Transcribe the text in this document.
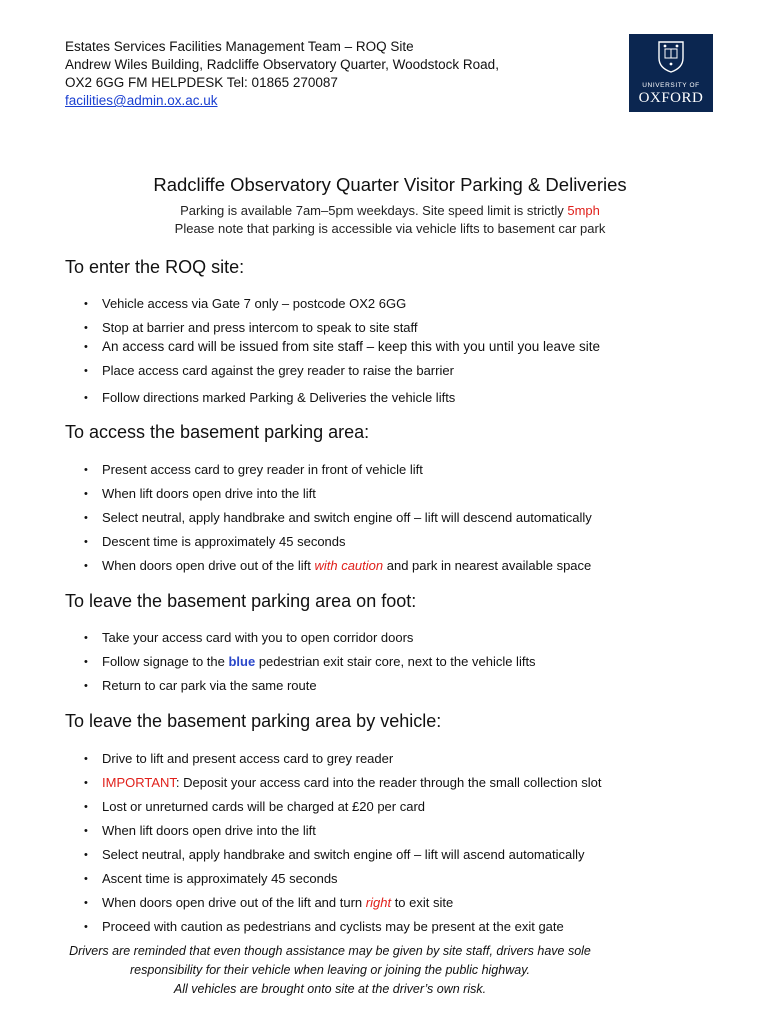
Estates Services Facilities Management Team – ROQ Site
Andrew Wiles Building, Radcliffe Observatory Quarter, Woodstock Road,
OX2 6GG FM HELPDESK Tel: 01865 270087
facilities@admin.ox.ac.uk
UNIVERSITY OF
OXFORD
Radcliffe Observatory Quarter Visitor Parking & Deliveries
Parking is available 7am–5pm weekdays. Site speed limit is strictly 5mph
Please note that parking is accessible via vehicle lifts to basement car park
To enter the ROQ site:
• Vehicle access via Gate 7 only – postcode OX2 6GG
• Stop at barrier and press intercom to speak to site staff
• An access card will be issued from site staff – keep this with you until you leave site
• Place access card against the grey reader to raise the barrier
• Follow directions marked Parking & Deliveries the vehicle lifts
To access the basement parking area:
• Present access card to grey reader in front of vehicle lift
• When lift doors open drive into the lift
• Select neutral, apply handbrake and switch engine off – lift will descend automatically
• Descent time is approximately 45 seconds
• When doors open drive out of the lift with caution and park in nearest available space
To leave the basement parking area on foot:
• Take your access card with you to open corridor doors
• Follow signage to the blue pedestrian exit stair core, next to the vehicle lifts
• Return to car park via the same route
To leave the basement parking area by vehicle:
• Drive to lift and present access card to grey reader
• IMPORTANT: Deposit your access card into the reader through the small collection slot
• Lost or unreturned cards will be charged at £20 per card
• When lift doors open drive into the lift
• Select neutral, apply handbrake and switch engine off – lift will ascend automatically
• Ascent time is approximately 45 seconds
• When doors open drive out of the lift and turn right to exit site
• Proceed with caution as pedestrians and cyclists may be present at the exit gate
Drivers are reminded that even though assistance may be given by site staff, drivers have sole
responsibility for their vehicle when leaving or joining the public highway.
All vehicles are brought onto site at the driver’s own risk.
